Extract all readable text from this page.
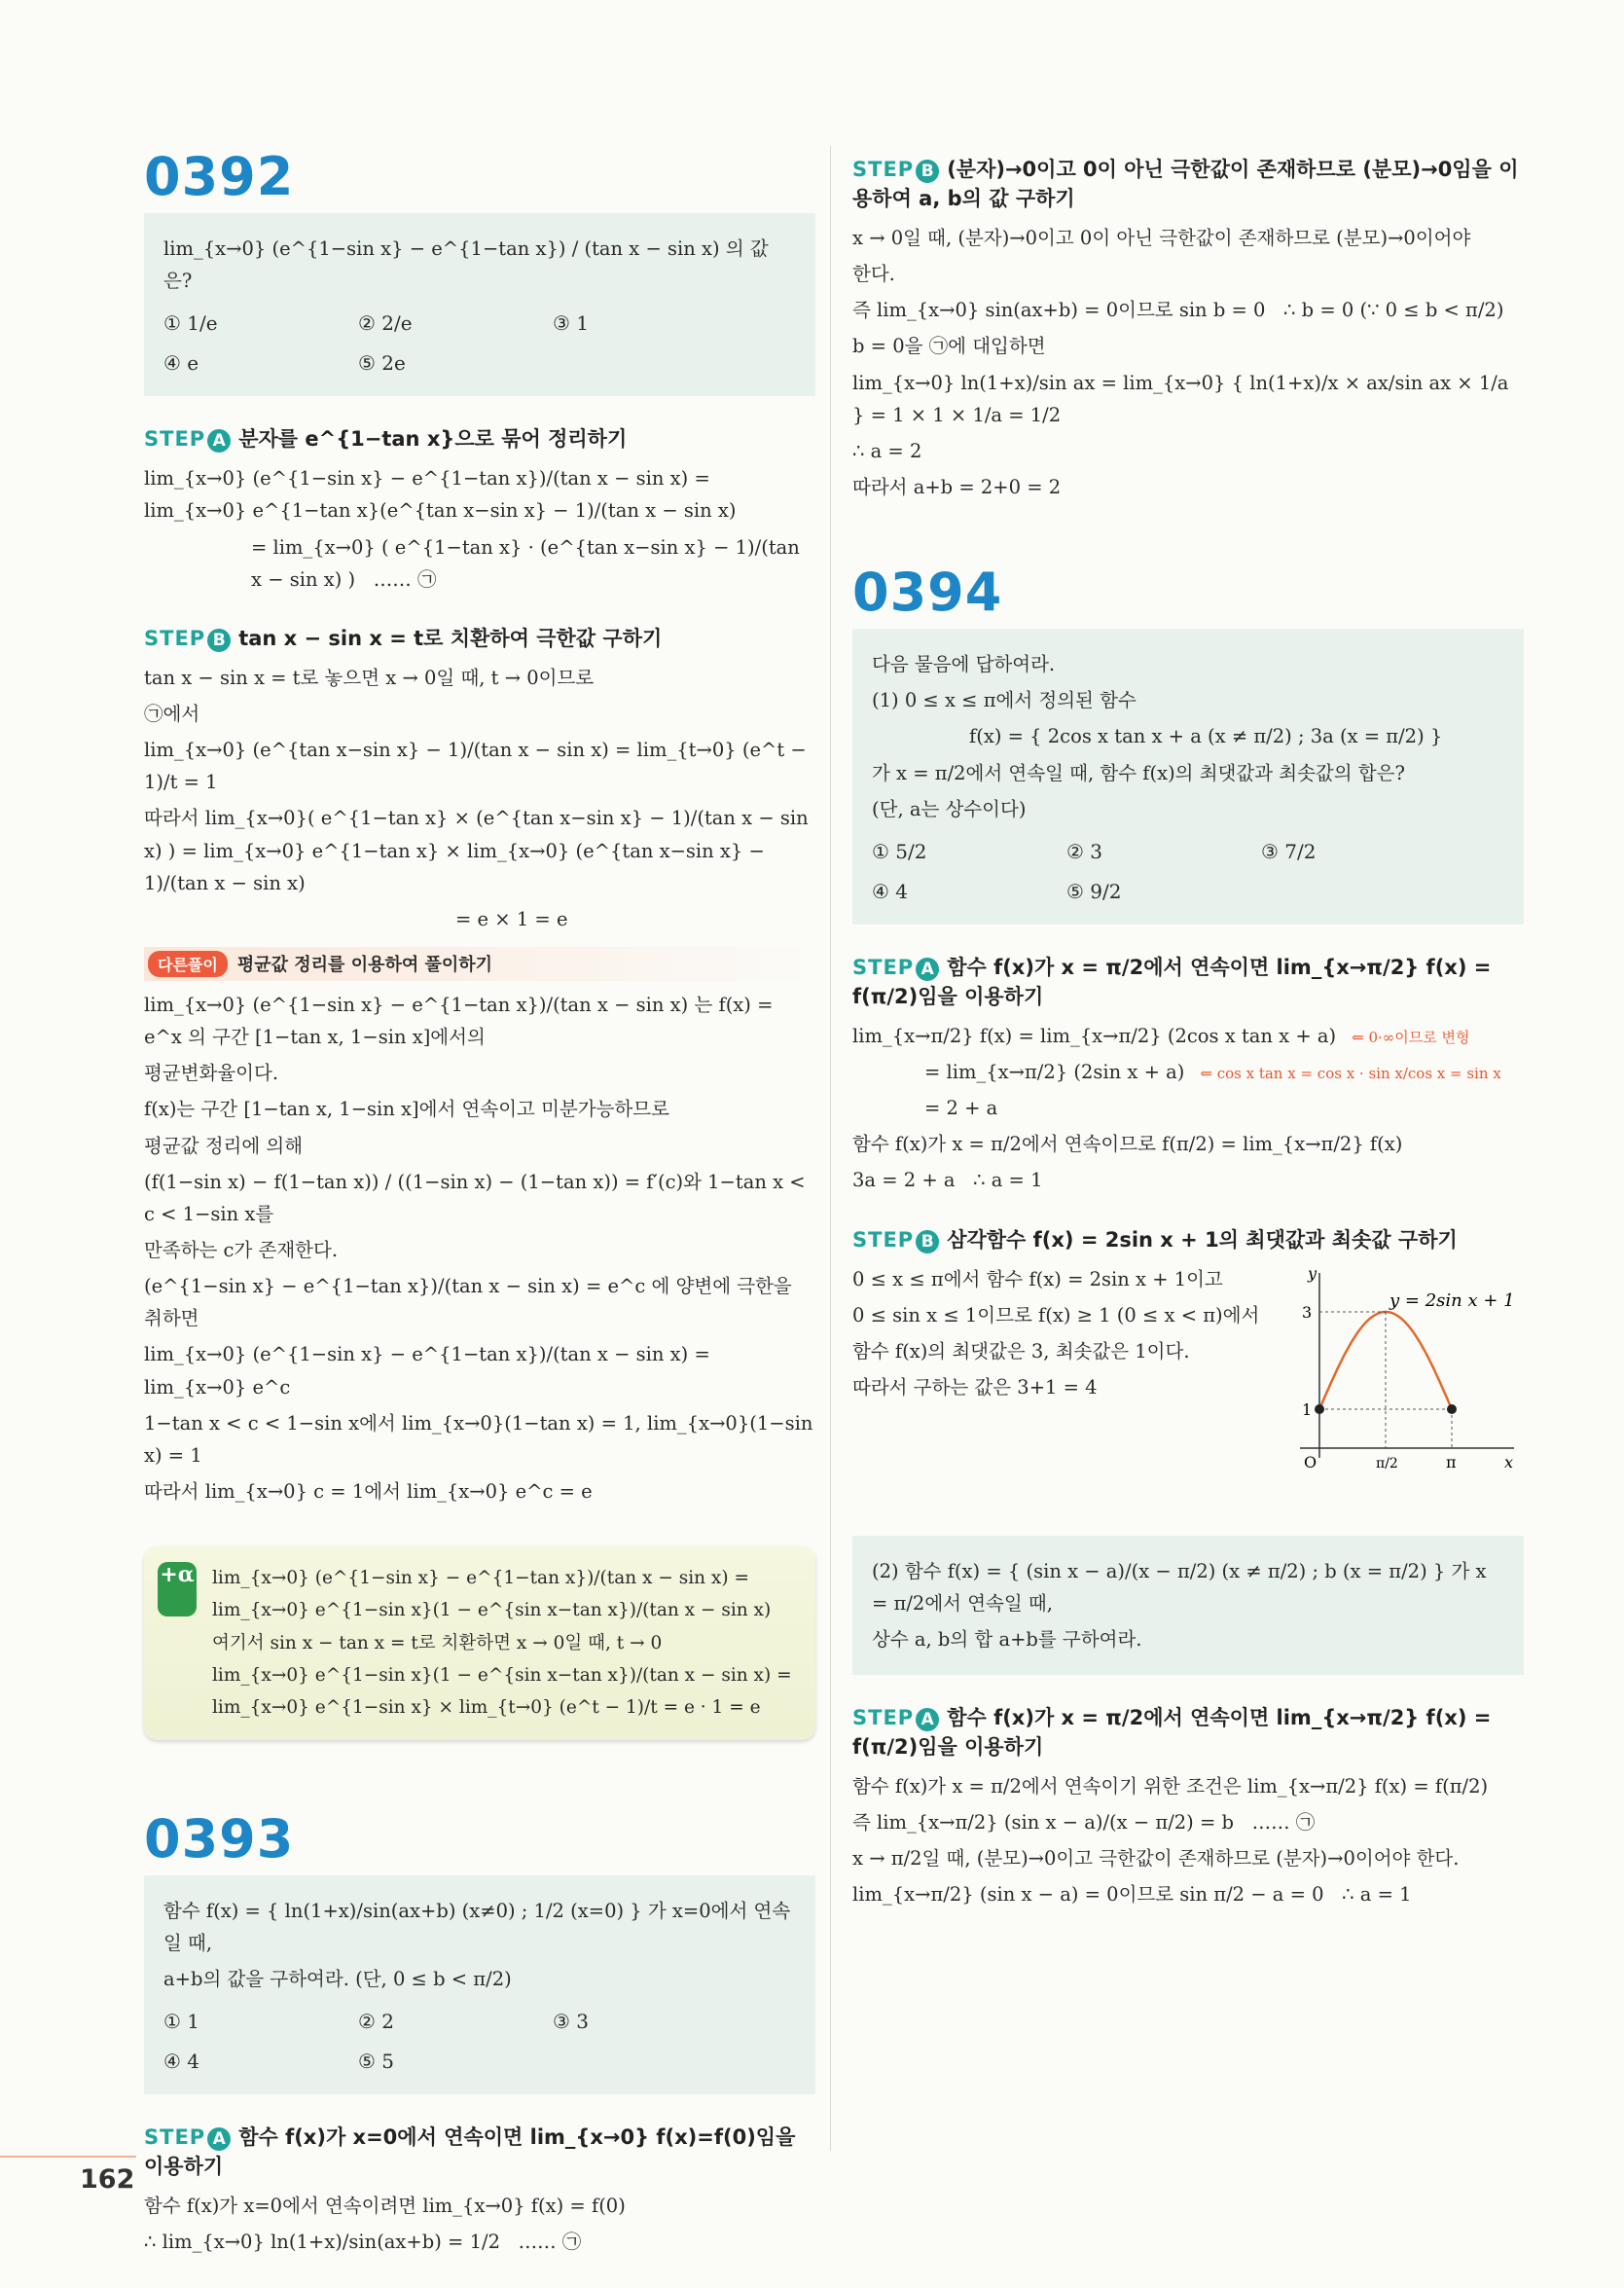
0392
lim_{x→0} (e^{1−sin x} − e^{1−tan x}) / (tan x − sin x) 의 값은?
① 1/e	② 2/e	③ 1
④ e	⑤ 2e
STEP A 분자를 e^{1−tan x}으로 묶어 정리하기
lim_{x→0} (e^{1−sin x} − e^{1−tan x})/(tan x − sin x) = lim_{x→0} e^{1−tan x}(e^{tan x−sin x} − 1)/(tan x − sin x)
= lim_{x→0} ( e^{1−tan x} · (e^{tan x−sin x} − 1)/(tan x − sin x) )   …… ㉠
STEP B tan x − sin x = t로 치환하여 극한값 구하기
tan x − sin x = t로 놓으면 x → 0일 때, t → 0이므로
㉠에서
lim_{x→0} (e^{tan x−sin x} − 1)/(tan x − sin x) = lim_{t→0} (e^t − 1)/t = 1
따라서 lim_{x→0}( e^{1−tan x} × (e^{tan x−sin x} − 1)/(tan x − sin x) ) = lim_{x→0} e^{1−tan x} × lim_{x→0} (e^{tan x−sin x} − 1)/(tan x − sin x)
= e × 1 = e
다른풀이 평균값 정리를 이용하여 풀이하기
lim_{x→0} (e^{1−sin x} − e^{1−tan x})/(tan x − sin x) 는 f(x) = e^x 의 구간 [1−tan x, 1−sin x]에서의
평균변화율이다.
f(x)는 구간 [1−tan x, 1−sin x]에서 연속이고 미분가능하므로
평균값 정리에 의해
(f(1−sin x) − f(1−tan x)) / ((1−sin x) − (1−tan x)) = f′(c)와 1−tan x < c < 1−sin x를
만족하는 c가 존재한다.
(e^{1−sin x} − e^{1−tan x})/(tan x − sin x) = e^c 에 양변에 극한을 취하면
lim_{x→0} (e^{1−sin x} − e^{1−tan x})/(tan x − sin x) = lim_{x→0} e^c
1−tan x < c < 1−sin x에서 lim_{x→0}(1−tan x) = 1, lim_{x→0}(1−sin x) = 1
따라서 lim_{x→0} c = 1에서 lim_{x→0} e^c = e
+α lim_{x→0} (e^{1−sin x} − e^{1−tan x})/(tan x − sin x) = lim_{x→0} e^{1−sin x}(1 − e^{sin x−tan x})/(tan x − sin x)
여기서 sin x − tan x = t로 치환하면 x → 0일 때, t → 0
lim_{x→0} e^{1−sin x}(1 − e^{sin x−tan x})/(tan x − sin x) = lim_{x→0} e^{1−sin x} × lim_{t→0} (e^t − 1)/t = e · 1 = e
0393
함수 f(x) = { ln(1+x)/sin(ax+b) (x≠0) ; 1/2 (x=0) } 가 x=0에서 연속일 때,
a+b의 값을 구하여라. (단, 0 ≤ b < π/2)
① 1	② 2	③ 3
④ 4	⑤ 5
STEP A 함수 f(x)가 x=0에서 연속이면 lim_{x→0} f(x)=f(0)임을 이용하기
함수 f(x)가 x=0에서 연속이려면 lim_{x→0} f(x) = f(0)
∴ lim_{x→0} ln(1+x)/sin(ax+b) = 1/2   …… ㉠
STEP B (분자)→0이고 0이 아닌 극한값이 존재하므로 (분모)→0임을 이용하여 a, b의 값 구하기
x → 0일 때, (분자)→0이고 0이 아닌 극한값이 존재하므로 (분모)→0이어야
한다.
즉 lim_{x→0} sin(ax+b) = 0이므로 sin b = 0   ∴ b = 0 (∵ 0 ≤ b < π/2)
b = 0을 ㉠에 대입하면
lim_{x→0} ln(1+x)/sin ax = lim_{x→0} { ln(1+x)/x × ax/sin ax × 1/a } = 1 × 1 × 1/a = 1/2
∴ a = 2
따라서 a+b = 2+0 = 2
0394
다음 물음에 답하여라.
(1) 0 ≤ x ≤ π에서 정의된 함수
f(x) = { 2cos x tan x + a (x ≠ π/2) ; 3a (x = π/2) }
가 x = π/2에서 연속일 때, 함수 f(x)의 최댓값과 최솟값의 합은?
(단, a는 상수이다)
① 5/2	② 3	③ 7/2
④ 4	⑤ 9/2
STEP A 함수 f(x)가 x = π/2에서 연속이면 lim_{x→π/2} f(x) = f(π/2)임을 이용하기
lim_{x→π/2} f(x) = lim_{x→π/2} (2cos x tan x + a) ⇐ 0·∞이므로 변형
= lim_{x→π/2} (2sin x + a) ⇐ cos x tan x = cos x · sin x/cos x = sin x
= 2 + a
함수 f(x)가 x = π/2에서 연속이므로 f(π/2) = lim_{x→π/2} f(x)
3a = 2 + a   ∴ a = 1
STEP B 삼각함수 f(x) = 2sin x + 1의 최댓값과 최솟값 구하기
0 ≤ x ≤ π에서 함수 f(x) = 2sin x + 1이고
0 ≤ sin x ≤ 1이므로 f(x) ≥ 1 (0 ≤ x < π)에서
함수 f(x)의 최댓값은 3, 최솟값은 1이다.
따라서 구하는 값은 3+1 = 4
y = 2sin x + 1
y
x
O
3
1
π/2	π
(2) 함수 f(x) = { (sin x − a)/(x − π/2) (x ≠ π/2) ; b (x = π/2) } 가 x = π/2에서 연속일 때,
상수 a, b의 합 a+b를 구하여라.
STEP A 함수 f(x)가 x = π/2에서 연속이면 lim_{x→π/2} f(x) = f(π/2)임을 이용하기
함수 f(x)가 x = π/2에서 연속이기 위한 조건은 lim_{x→π/2} f(x) = f(π/2)
즉 lim_{x→π/2} (sin x − a)/(x − π/2) = b   …… ㉠
x → π/2일 때, (분모)→0이고 극한값이 존재하므로 (분자)→0이어야 한다.
lim_{x→π/2} (sin x − a) = 0이므로 sin π/2 − a = 0   ∴ a = 1
162
